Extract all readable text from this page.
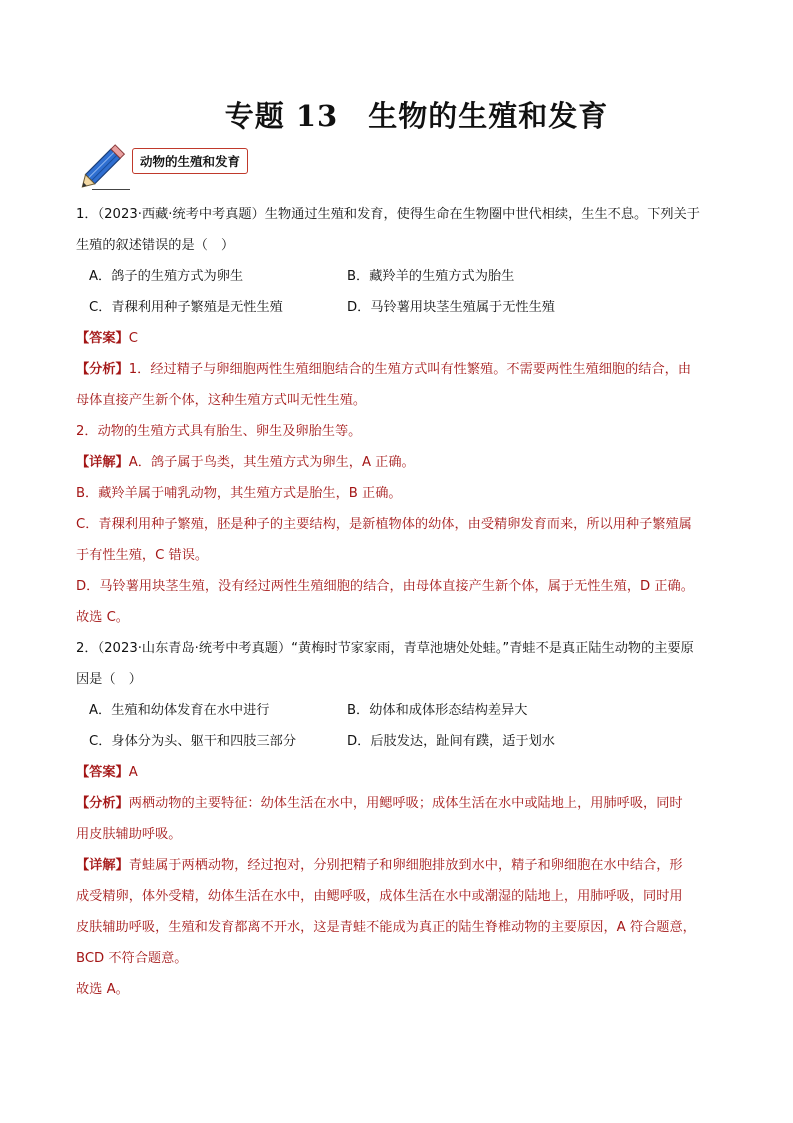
专题 13　生物的生殖和发育
动物的生殖和发育
1．（2023·西藏·统考中考真题）生物通过生殖和发育，使得生命在生物圈中世代相续，生生不息。下列关于
生殖的叙述错误的是（　）
A．鸽子的生殖方式为卵生	B．藏羚羊的生殖方式为胎生
C．青稞利用种子繁殖是无性生殖	D．马铃薯用块茎生殖属于无性生殖
【答案】C
【分析】1．经过精子与卵细胞两性生殖细胞结合的生殖方式叫有性繁殖。不需要两性生殖细胞的结合，由
母体直接产生新个体，这种生殖方式叫无性生殖。
2．动物的生殖方式具有胎生、卵生及卵胎生等。
【详解】A．鸽子属于鸟类，其生殖方式为卵生，A 正确。
B．藏羚羊属于哺乳动物，其生殖方式是胎生，B 正确。
C．青稞利用种子繁殖，胚是种子的主要结构，是新植物体的幼体，由受精卵发育而来，所以用种子繁殖属
于有性生殖，C 错误。
D．马铃薯用块茎生殖，没有经过两性生殖细胞的结合，由母体直接产生新个体，属于无性生殖，D 正确。
故选 C。
2．（2023·山东青岛·统考中考真题）“黄梅时节家家雨，青草池塘处处蛙。”青蛙不是真正陆生动物的主要原
因是（　）
A．生殖和幼体发育在水中进行	B．幼体和成体形态结构差异大
C．身体分为头、躯干和四肢三部分	D．后肢发达，趾间有蹼，适于划水
【答案】A
【分析】两栖动物的主要特征：幼体生活在水中，用鳃呼吸；成体生活在水中或陆地上，用肺呼吸，同时
用皮肤辅助呼吸。
【详解】青蛙属于两栖动物，经过抱对，分别把精子和卵细胞排放到水中，精子和卵细胞在水中结合，形
成受精卵，体外受精，幼体生活在水中，由鳃呼吸，成体生活在水中或潮湿的陆地上，用肺呼吸，同时用
皮肤辅助呼吸，生殖和发育都离不开水，这是青蛙不能成为真正的陆生脊椎动物的主要原因，A 符合题意，
BCD 不符合题意。
故选 A。
